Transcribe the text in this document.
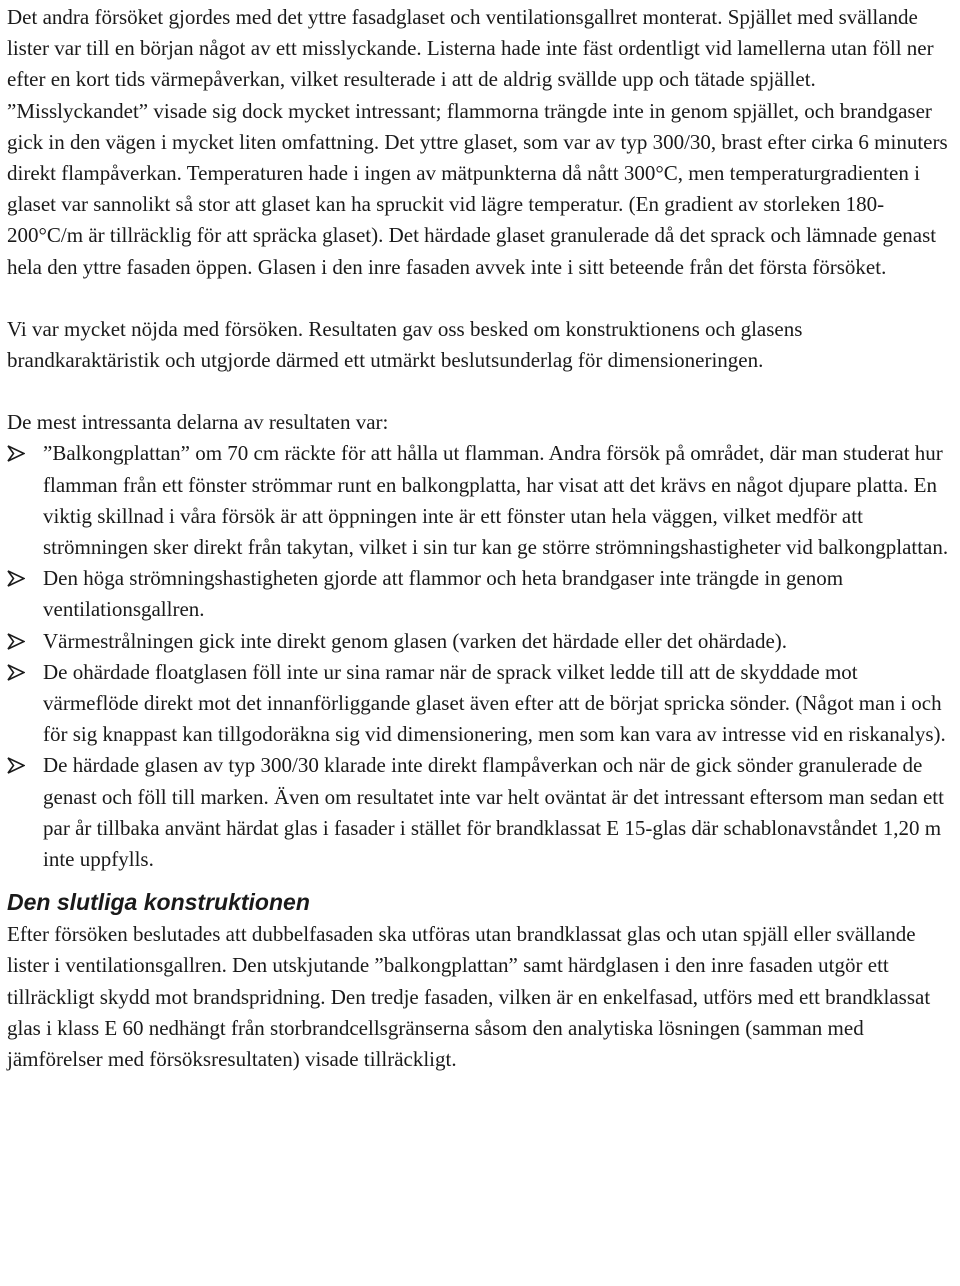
Det andra försöket gjordes med det yttre fasadglaset och ventilationsgallret monterat. Spjället med svällande lister var till en början något av ett misslyckande. Listerna hade inte fäst ordentligt vid lamellerna utan föll ner efter en kort tids värmepåverkan, vilket resulterade i att de aldrig svällde upp och tätade spjället. ”Misslyckandet” visade sig dock mycket intressant; flammorna trängde inte in genom spjället, och brandgaser gick in den vägen i mycket liten omfattning. Det yttre glaset, som var av typ 300/30, brast efter cirka 6 minuters direkt flampåverkan. Temperaturen hade i ingen av mätpunkterna då nått 300°C, men temperaturgradienten i glaset var sannolikt så stor att glaset kan ha spruckit vid lägre temperatur. (En gradient av storleken 180-200°C/m är tillräcklig för att spräcka glaset). Det härdade glaset granulerade då det sprack och lämnade genast hela den yttre fasaden öppen. Glasen i den inre fasaden avvek inte i sitt beteende från det första försöket.

Vi var mycket nöjda med försöken. Resultaten gav oss besked om konstruktionens och glasens brandkaraktäristik och utgjorde därmed ett utmärkt beslutsunderlag för dimensioneringen.

De mest intressanta delarna av resultaten var:

”Balkongplattan” om 70 cm räckte för att hålla ut flamman. Andra försök på området, där man studerat hur flamman från ett fönster strömmar runt en balkongplatta, har visat att det krävs en något djupare platta. En viktig skillnad i våra försök är att öppningen inte är ett fönster utan hela väggen, vilket medför att strömningen sker direkt från takytan, vilket i sin tur kan ge större strömningshastigheter vid balkongplattan.
Den höga strömningshastigheten gjorde att flammor och heta brandgaser inte trängde in genom ventilationsgallren.
Värmestrålningen gick inte direkt genom glasen (varken det härdade eller det ohärdade).
De ohärdade floatglasen föll inte ur sina ramar när de sprack vilket ledde till att de skyddade mot värmeflöde direkt mot det innanförliggande glaset även efter att de börjat spricka sönder. (Något man i och för sig knappast kan tillgodoräkna sig vid dimensionering, men som kan vara av intresse vid en riskanalys).
De härdade glasen av typ 300/30 klarade inte direkt flampåverkan och när de gick sönder granulerade de genast och föll till marken. Även om resultatet inte var helt oväntat är det intressant eftersom man sedan ett par år tillbaka använt härdat glas i fasader i stället för brandklassat E 15-glas där schablonavståndet 1,20 m inte uppfylls.
Den slutliga konstruktionen

Efter försöken beslutades att dubbelfasaden ska utföras utan brandklassat glas och utan spjäll eller svällande lister i ventilationsgallren. Den utskjutande ”balkongplattan” samt härdglasen i den inre fasaden utgör ett tillräckligt skydd mot brandspridning. Den tredje fasaden, vilken är en enkelfasad, utförs med ett brandklassat glas i klass E 60 nedhängt från storbrandcellsgränserna såsom den analytiska lösningen (samman med jämförelser med försöksresultaten) visade tillräckligt.
